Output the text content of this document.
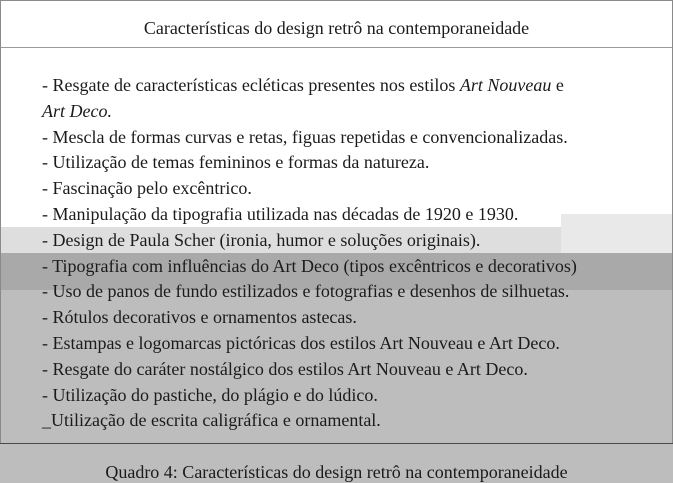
Características do design retrô na contemporaneidade
- Resgate de características ecléticas presentes nos estilos Art Nouveau e
Art Deco.
- Mescla de formas curvas e retas, figuas repetidas e convencionalizadas.
- Utilização de temas femininos e formas da natureza.
- Fascinação pelo excêntrico.
- Manipulação da tipografia utilizada nas décadas de 1920 e 1930.
- Design de Paula Scher (ironia, humor e soluções originais).
- Tipografia com influências do Art Deco (tipos excêntricos e decorativos)
- Uso de panos de fundo estilizados e fotografias e desenhos de silhuetas.
- Rótulos decorativos e ornamentos astecas.
- Estampas e logomarcas pictóricas dos estilos Art Nouveau e Art Deco.
- Resgate do caráter nostálgico dos estilos Art Nouveau e Art Deco.
- Utilização do pastiche, do plágio e do lúdico.
_Utilização de escrita caligráfica e ornamental.
Quadro 4: Características do design retrô na contemporaneidade
